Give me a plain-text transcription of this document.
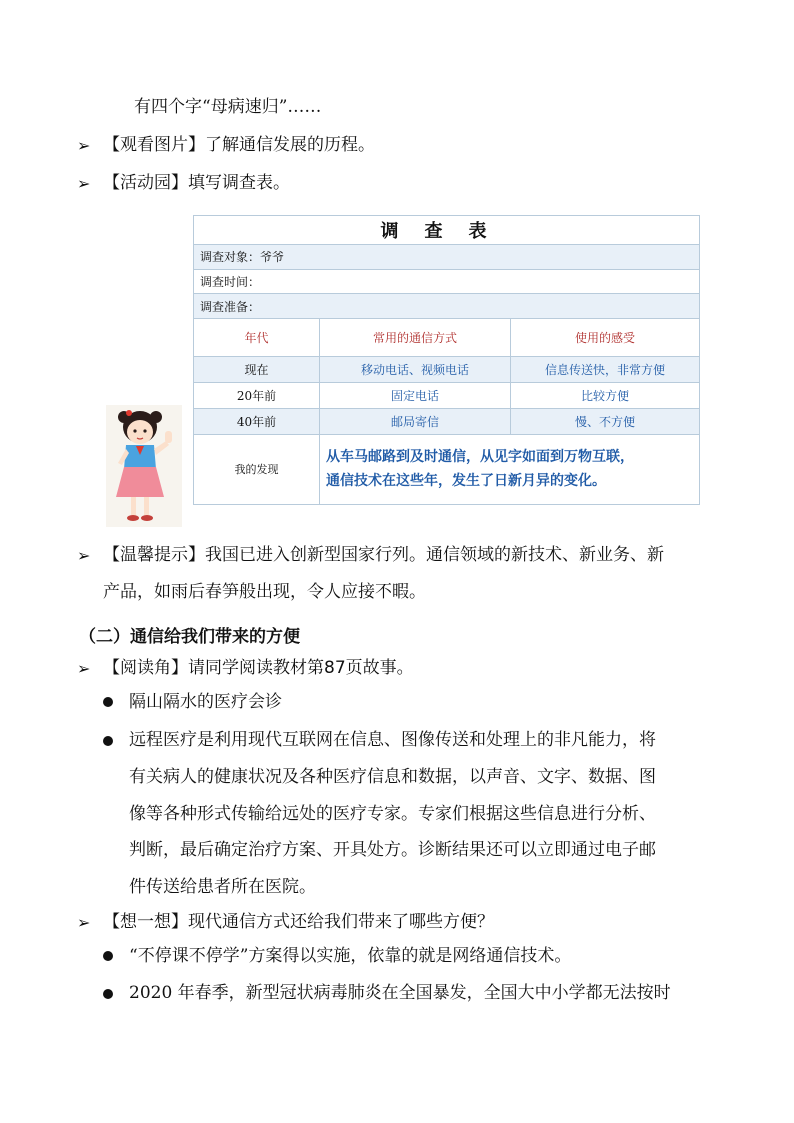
有四个字“母病速归”……
➢ 【观看图片】了解通信发展的历程。
➢ 【活动园】填写调查表。
调查表		
调查对象：爷爷		
调查时间：		
调查准备：		
年代	常用的通信方式	使用的感受
现在	移动电话、视频电话	信息传送快，非常方便
20年前	固定电话	比较方便
40年前	邮局寄信	慢、不方便
我的发现	从车马邮路到及时通信，从见字如面到万物互联，
通信技术在这些年，发生了日新月异的变化。	
➢ 【温馨提示】我国已进入创新型国家行列。通信领域的新技术、新业务、新
产品，如雨后春笋般出现，令人应接不暇。
（二）通信给我们带来的方便
➢ 【阅读角】请同学阅读教材第87页故事。
隔山隔水的医疗会诊
远程医疗是利用现代互联网在信息、图像传送和处理上的非凡能力，将
有关病人的健康状况及各种医疗信息和数据，以声音、文字、数据、图
像等各种形式传输给远处的医疗专家。专家们根据这些信息进行分析、
判断，最后确定治疗方案、开具处方。诊断结果还可以立即通过电子邮
件传送给患者所在医院。
➢ 【想一想】现代通信方式还给我们带来了哪些方便？
“不停课不停学”方案得以实施，依靠的就是网络通信技术。
2020 年春季，新型冠状病毒肺炎在全国暴发，全国大中小学都无法按时
